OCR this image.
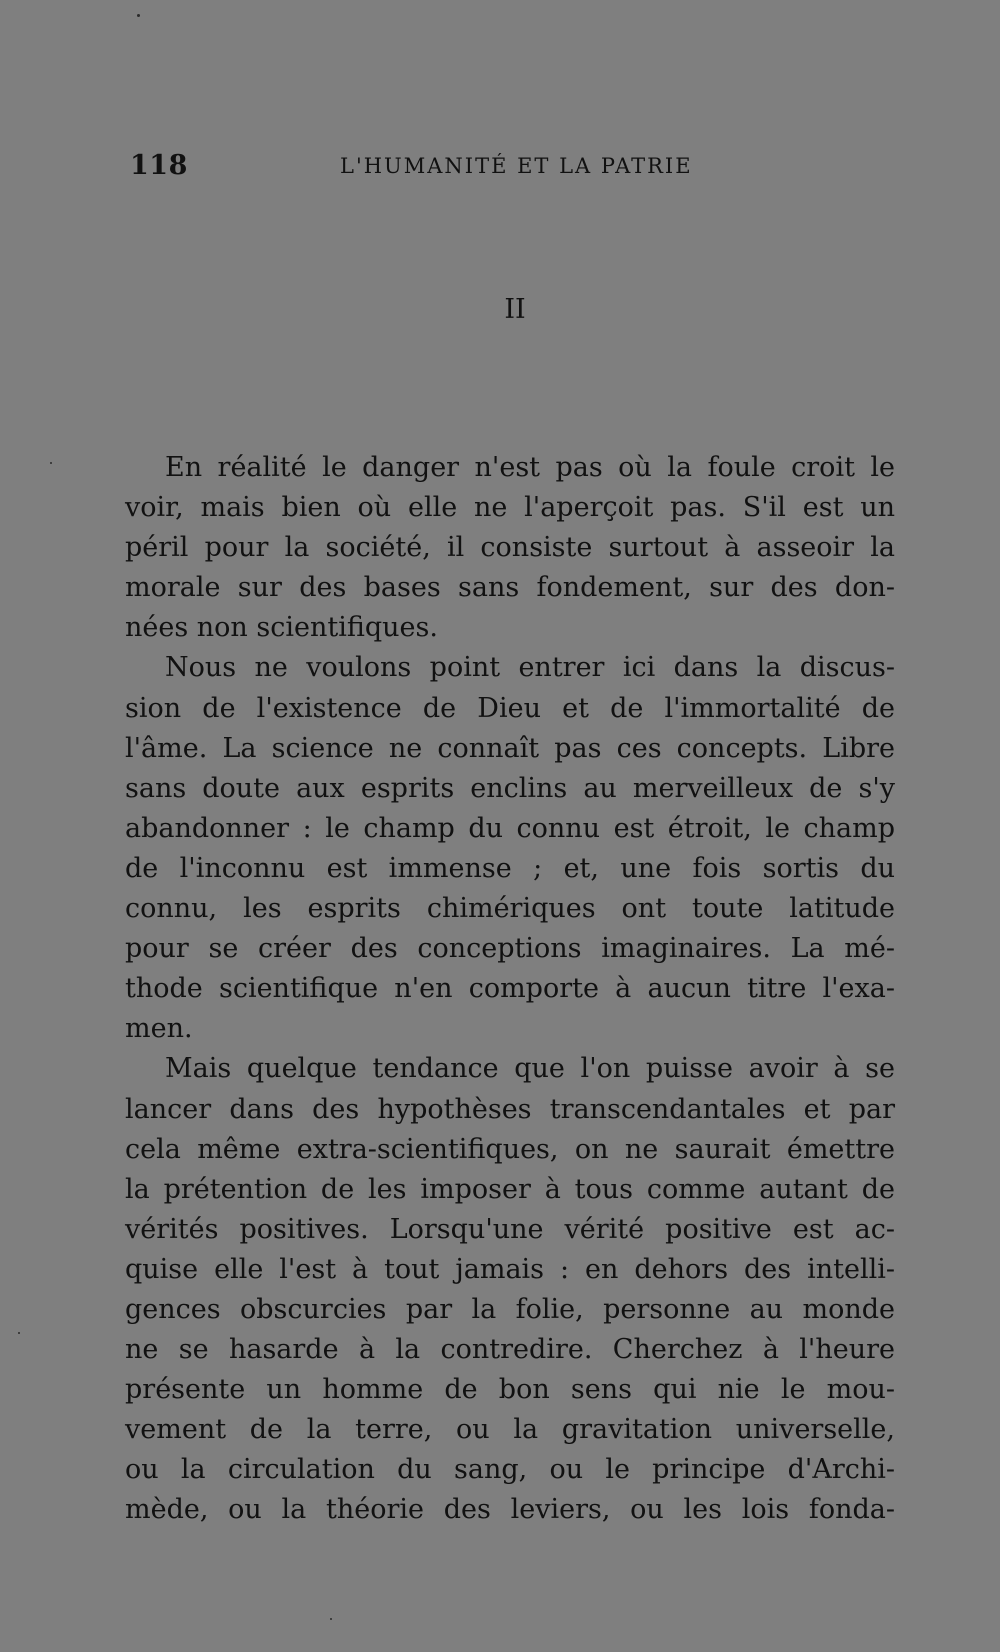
118	L'HUMANITÉ ET LA PATRIE
II
En réalité le danger n'est pas où la foule croit le
voir, mais bien où elle ne l'aperçoit pas. S'il est un
péril pour la société, il consiste surtout à asseoir la
morale sur des bases sans fondement, sur des don-
nées non scientifiques.
Nous ne voulons point entrer ici dans la discus-
sion de l'existence de Dieu et de l'immortalité de
l'âme. La science ne connaît pas ces concepts. Libre
sans doute aux esprits enclins au merveilleux de s'y
abandonner : le champ du connu est étroit, le champ
de l'inconnu est immense ; et, une fois sortis du
connu, les esprits chimériques ont toute latitude
pour se créer des conceptions imaginaires. La mé-
thode scientifique n'en comporte à aucun titre l'exa-
men.
Mais quelque tendance que l'on puisse avoir à se
lancer dans des hypothèses transcendantales et par
cela même extra-scientifiques, on ne saurait émettre
la prétention de les imposer à tous comme autant de
vérités positives. Lorsqu'une vérité positive est ac-
quise elle l'est à tout jamais : en dehors des intelli-
gences obscurcies par la folie, personne au monde
ne se hasarde à la contredire. Cherchez à l'heure
présente un homme de bon sens qui nie le mou-
vement de la terre, ou la gravitation universelle,
ou la circulation du sang, ou le principe d'Archi-
mède, ou la théorie des leviers, ou les lois fonda-
